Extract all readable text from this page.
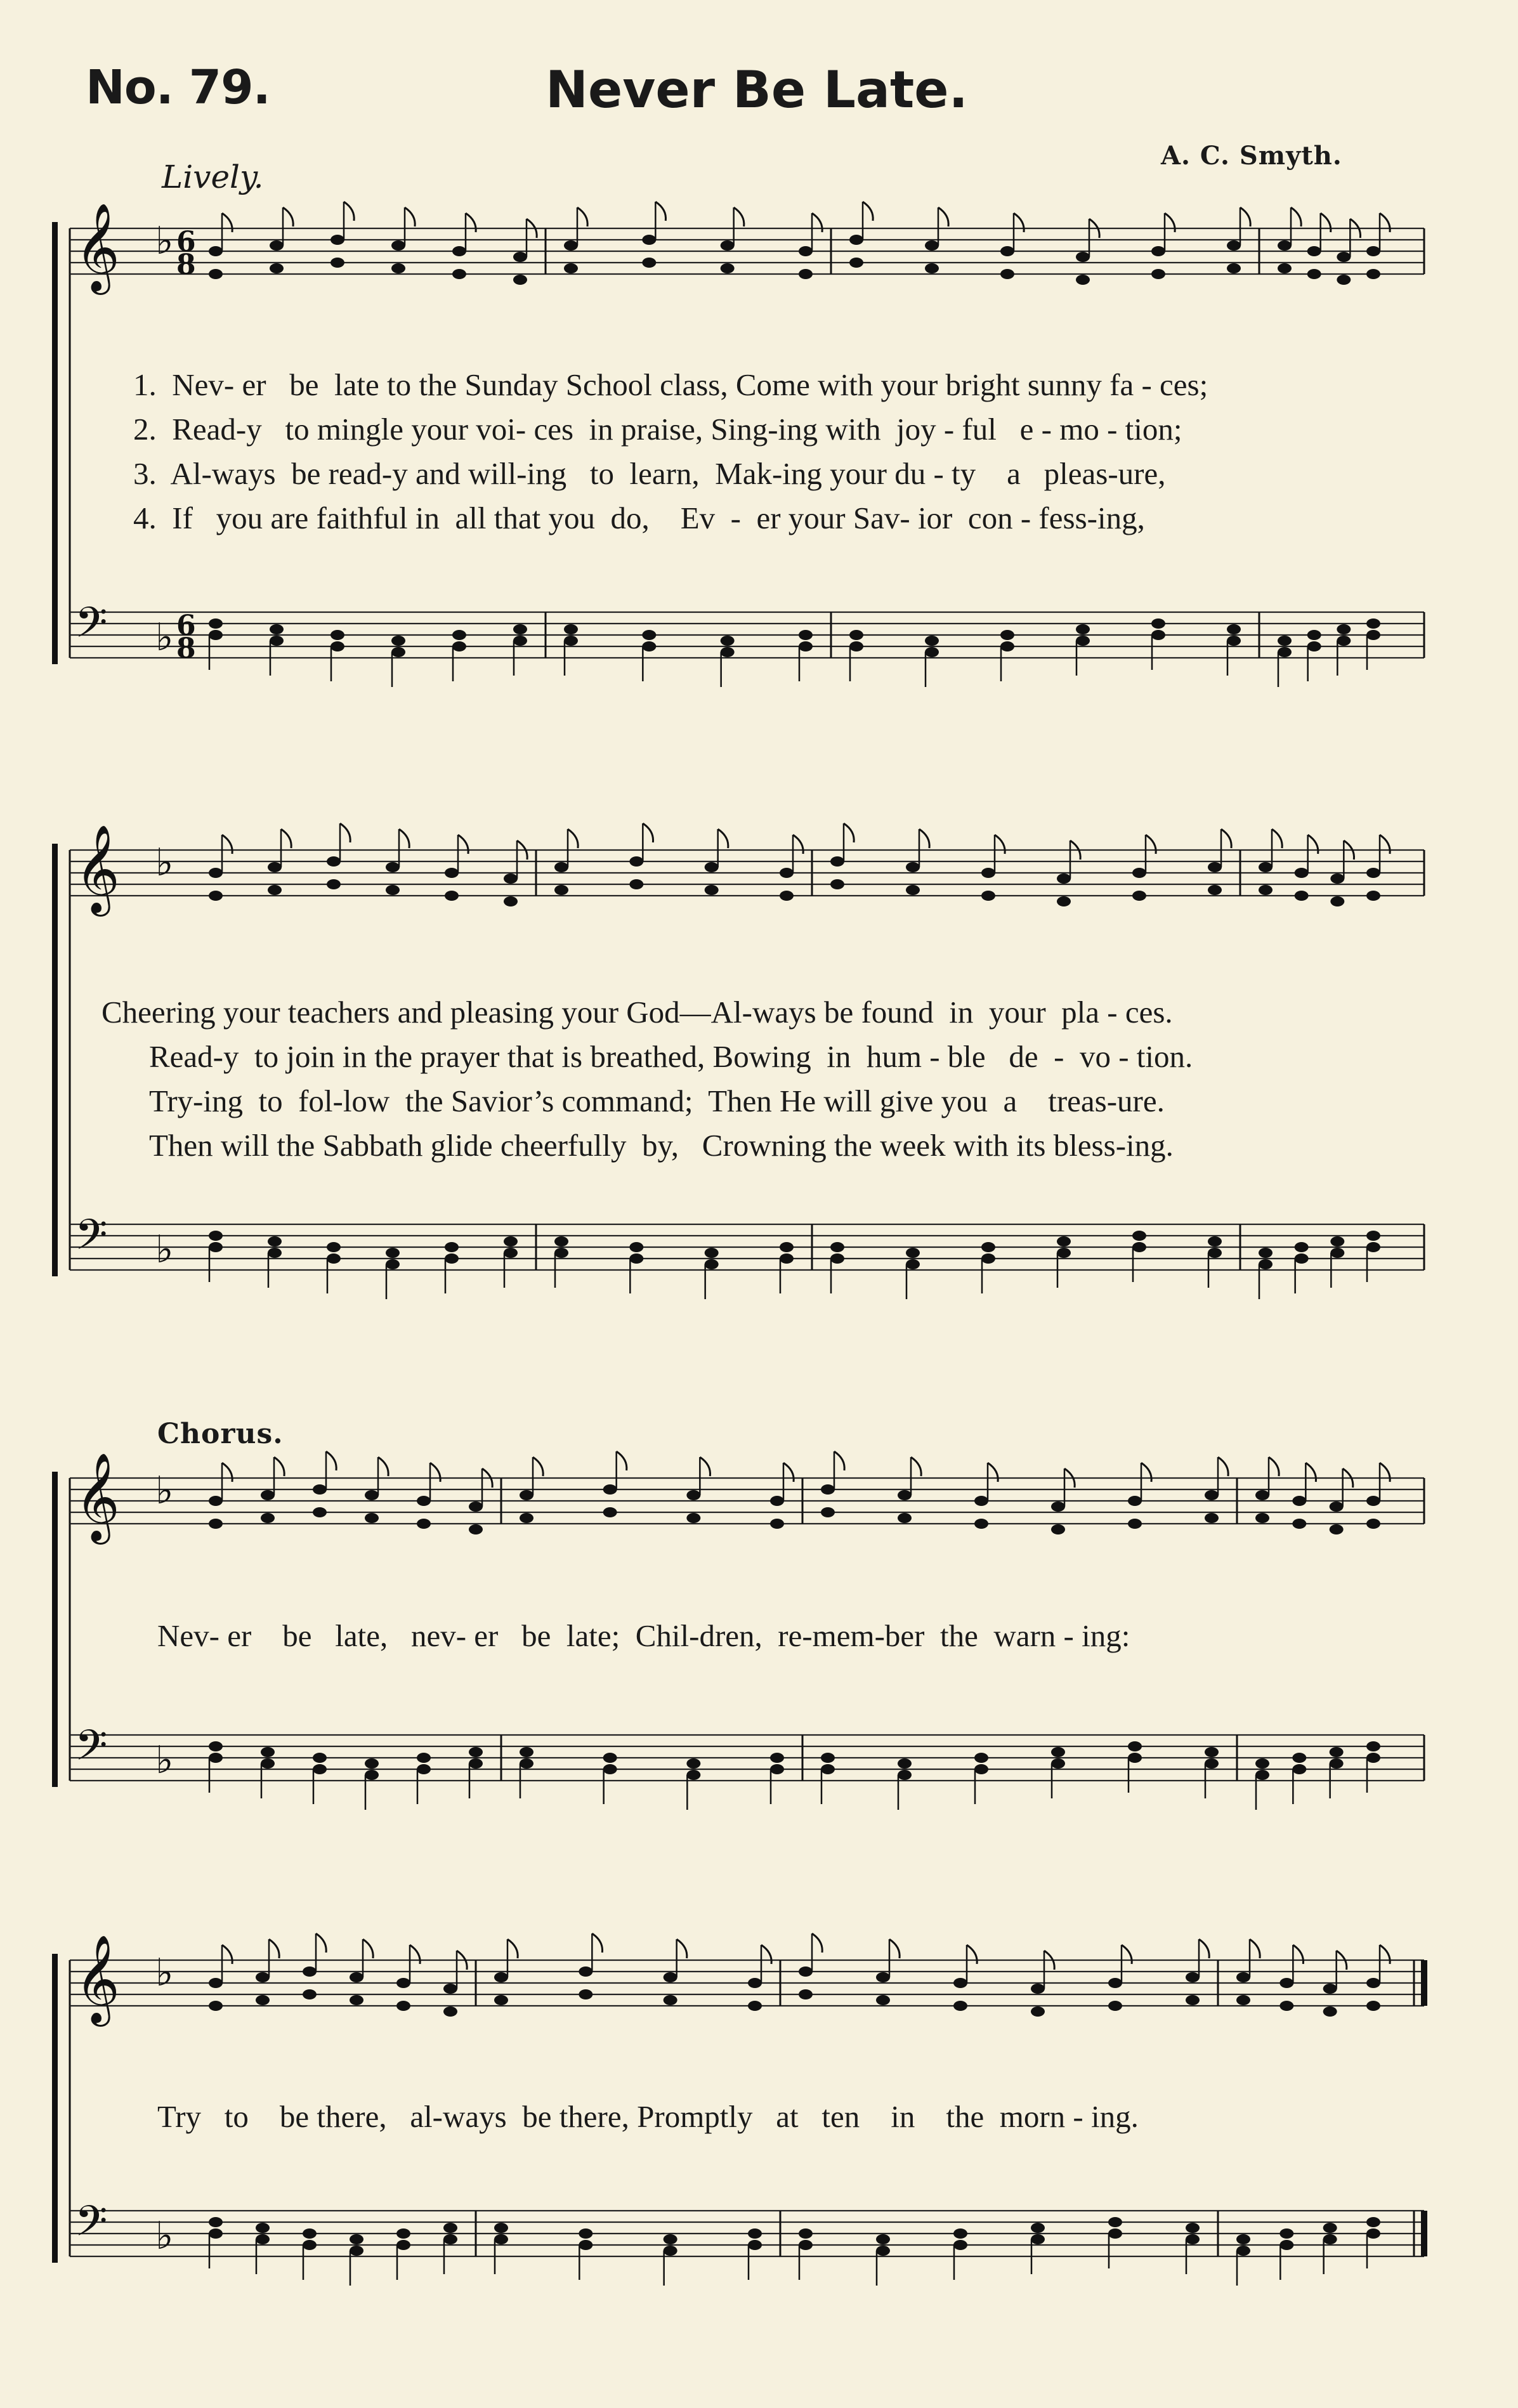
No. 79.	Never Be Late.
Lively.
A. C. Smyth.
𝄞 ♭ 6
8
𝄢 ♭ 6
8
𝄞 ♭
𝄢 ♭
𝄞 ♭
𝄢 ♭
𝄞 ♭
𝄢 ♭
1.  Nev- er   be  late to the Sunday School class, Come with your bright sunny fa - ces;
2.  Read-y   to mingle your voi- ces  in praise, Sing-ing with  joy - ful   e - mo - tion;
3.  Al-ways  be read-y and will-ing   to  learn,  Mak-ing your du - ty    a   pleas-ure,
4.  If   you are faithful in  all that you  do,    Ev  -  er your Sav- ior  con - fess-ing,
Cheering your teachers and pleasing your God—Al-ways be found  in  your  pla - ces.
Read-y  to join in the prayer that is breathed, Bowing  in  hum - ble   de  -  vo - tion.
Try-ing  to  fol-low  the Savior’s command;  Then He will give you  a    treas-ure.
Then will the Sabbath glide cheerfully  by,   Crowning the week with its bless-ing.
Chorus.
Nev- er    be   late,   nev- er   be  late;  Chil-dren,  re-mem-ber  the  warn - ing:
Try   to    be there,   al-ways  be there, Promptly   at   ten    in    the  morn - ing.
